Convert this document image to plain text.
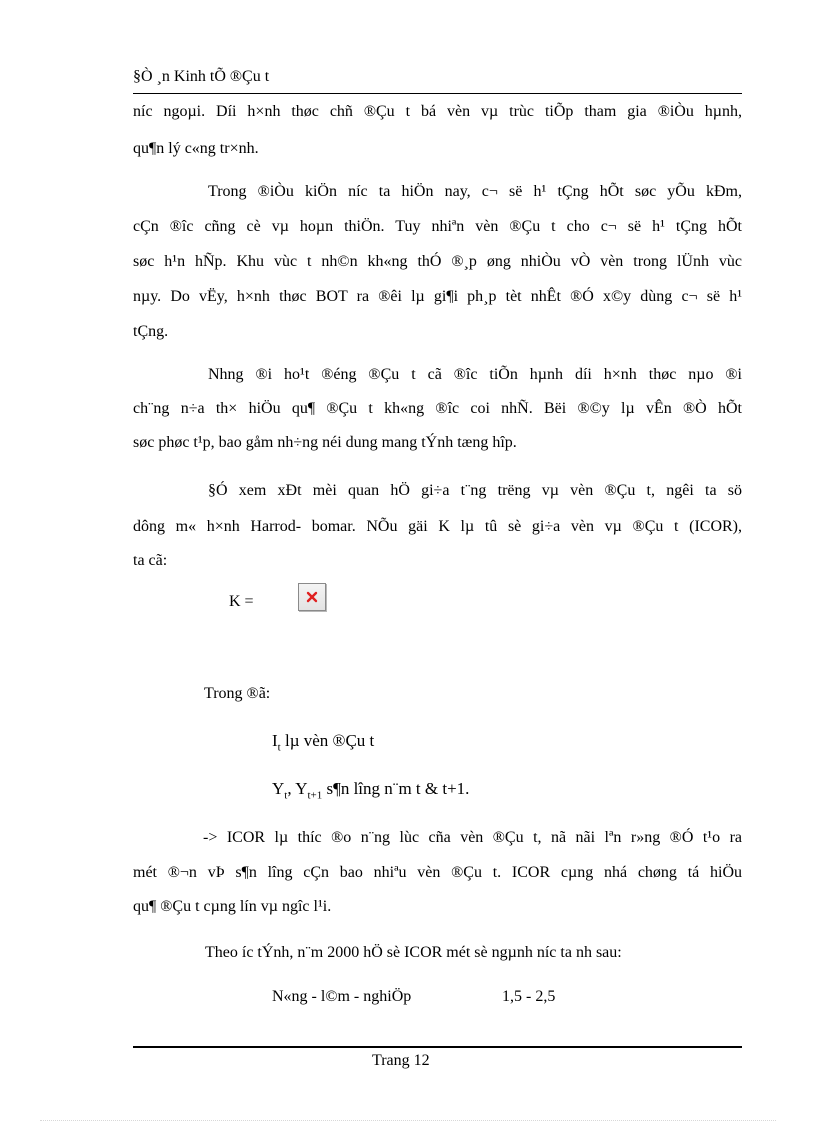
§Ò ¸n Kinh tÕ ®Çu t
níc ngoµi. Díi h×nh thøc chñ ®Çu t bá vèn vµ trùc tiÕp tham gia ®iÒu hµnh,
qu¶n lý c«ng tr×nh.
Trong ®iÒu kiÖn níc ta hiÖn nay, c¬ së h¹ tÇng hÕt søc yÕu kÐm,
cÇn ®îc cñng cè vµ hoµn thiÖn. Tuy nhiªn vèn ®Çu t cho c¬ së h¹ tÇng hÕt
søc h¹n hÑp. Khu vùc t nh©n kh«ng thÓ ®¸p øng nhiÒu vÒ vèn trong lÜnh vùc
nµy. Do vËy, h×nh thøc BOT ra ®êi lµ gi¶i ph¸p tèt nhÊt ®Ó x©y dùng c¬ së h¹
tÇng.
Nhng ®i ho¹t ®éng ®Çu t cã ®îc tiÕn hµnh díi h×nh thøc nµo ®i
ch¨ng n÷a th× hiÖu qu¶ ®Çu t kh«ng ®îc coi nhÑ. Bëi ®©y lµ vÊn ®Ò hÕt
søc phøc t¹p, bao gåm nh÷ng néi dung mang tÝnh tæng hîp.
§Ó xem xÐt mèi quan hÖ gi÷a t¨ng trëng vµ vèn ®Çu t, ngêi ta sö
dông m« h×nh Harrod- bomar. NÕu gäi K lµ tû sè gi÷a vèn vµ ®Çu t (ICOR),
ta cã:
K =
Trong ®ã:
$I_t$ lµ vèn ®Çu t
$Y_t$, $Y_{t+1}$ s¶n lîng n¨m t & t+1.
-> ICOR lµ thíc ®o n¨ng lùc cña vèn ®Çu t, nã nãi lªn r»ng ®Ó t¹o ra
mét ®¬n vÞ s¶n lîng cÇn bao nhiªu vèn ®Çu t. ICOR cµng nhá chøng tá hiÖu
qu¶ ®Çu t cµng lín vµ ngîc l¹i.
Theo íc tÝnh, n¨m 2000 hÖ sè ICOR mét sè ngµnh níc ta nh sau:
N«ng - l©m - nghiÖp	1,5 - 2,5
Trang 12
